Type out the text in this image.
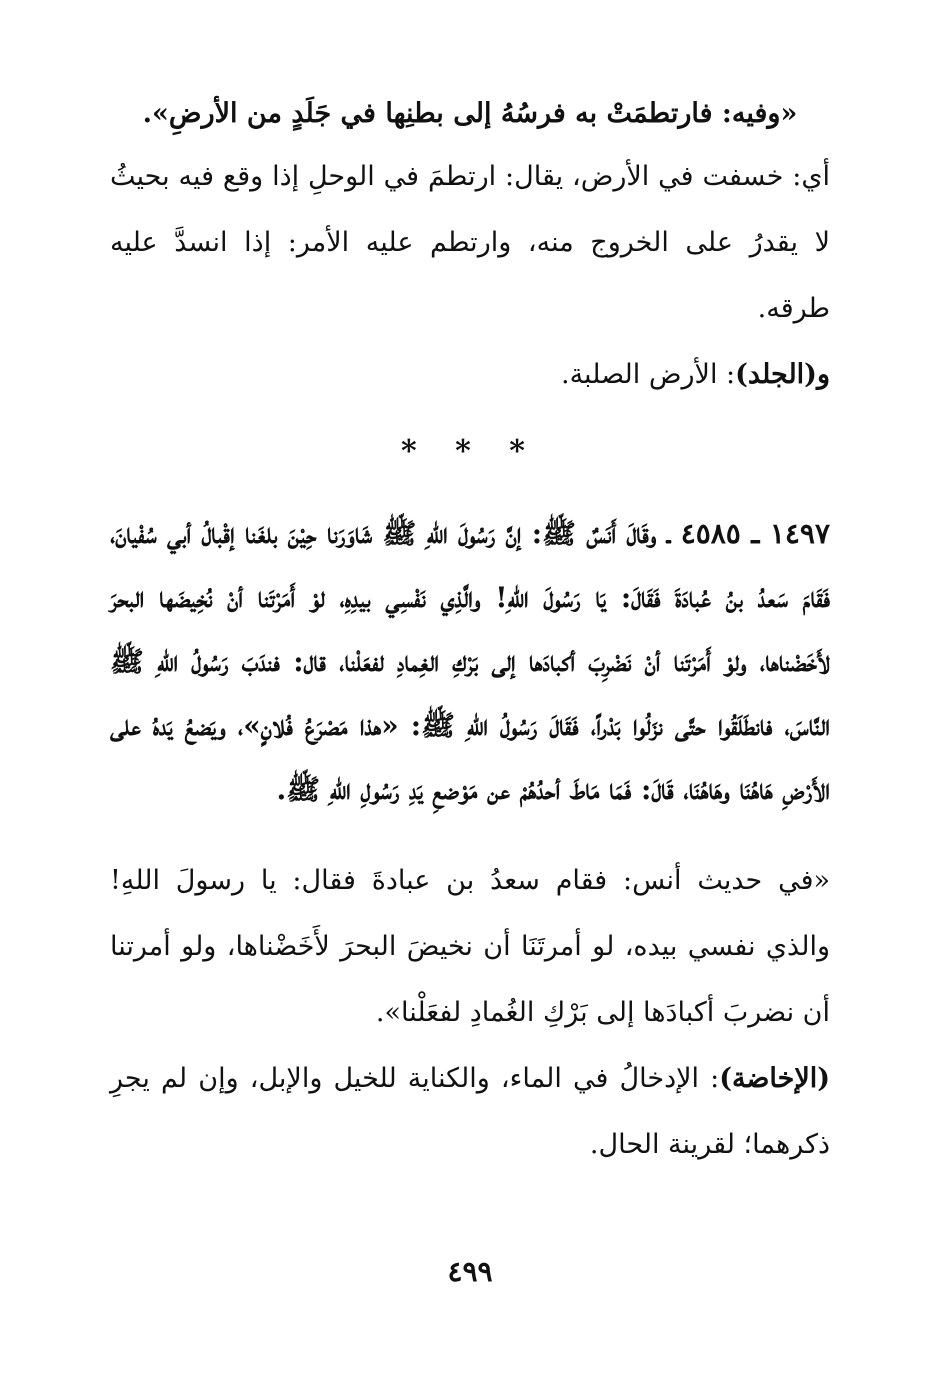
«وفيه: فارتطمَتْ به فرسُهُ إلى بطنِها في جَلَدٍ من الأرضِ».

أي: خسفت في الأرض، يقال: ارتطمَ في الوحلِ إذا وقع فيه بحيثُ لا يقدرُ على الخروج منه، وارتطم عليه الأمر: إذا انسدَّ عليه طرقه.

و(الجلد): الأرض الصلبة.

* * *

١٤٩٧ ـ ٤٥٨٥ ـ وقَالَ أَنَسٌ ﷺ: إنَّ رَسُولَ اللهِ ﷺ شَاوَرَنا حِيْنَ بلغَنا إقْبالُ أبي سُفْيانَ، فَقَامَ سَعدُ بنُ عُبادَةَ فَقَالَ: يَا رَسُولَ اللهِ! والَّذِي نَفْسِي بيدِهِ، لوْ أَمَرْتَنا أنْ نُخِيضَها البحرَ لأَخَضْناها، ولوْ أَمَرْتَنا أنْ نَضْرِبَ أكبادَها إلى بَرْكِ الغِمادِ لفعَلْنا، قال: فندَبَ رَسُولُ اللهِ ﷺ النَّاسَ، فانطَلَقُوا حتَّى نزَلُوا بَدْراً، فَقَالَ رَسُولُ اللهِ ﷺ: «هذا مَصْرَعُ فُلانٍ»، ويَضعُ يَدهُ على الأَرْضِ هَاهُنَا وهَاهُنَا، قَالَ: فَمَا مَاطَ أحدُهُمْ عن مَوْضعِ يَدِ رَسُولِ اللهِ ﷺ.

«في حديث أنس: فقام سعدُ بن عبادةَ فقال: يا رسولَ اللهِ! والذي نفسي بيده، لو أمرتَنَا أن نخيضَ البحرَ لأَخَضْناها، ولو أمرتنا أن نضربَ أكبادَها إلى بَرْكِ الغُمادِ لفعَلْنا».

(الإخاضة): الإدخالُ في الماء، والكناية للخيل والإبل، وإن لم يجرِ ذكرهما؛ لقرينة الحال.

٤٩٩
